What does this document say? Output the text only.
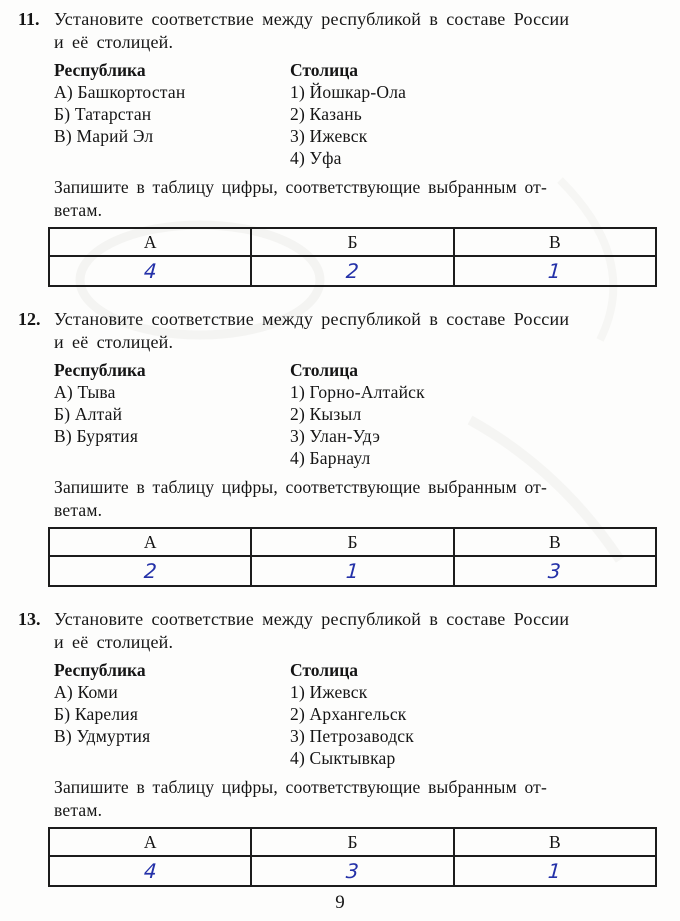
11. Установите соответствие между республикой в составе России
и её столицей.
Республика
А) Башкортостан
Б) Татарстан
В) Марий Эл
Столица
1) Йошкар-Ола
2) Казань
3) Ижевск
4) Уфа

Запишите в таблицу цифры, соответствующие выбранным от-
ветам.

А	Б	В
4	2	1
12. Установите соответствие между республикой в составе России
и её столицей.
Республика
А) Тыва
Б) Алтай
В) Бурятия
Столица
1) Горно-Алтайск
2) Кызыл
3) Улан-Удэ
4) Барнаул

Запишите в таблицу цифры, соответствующие выбранным от-
ветам.

А	Б	В
2	1	3
13. Установите соответствие между республикой в составе России
и её столицей.
Республика
А) Коми
Б) Карелия
В) Удмуртия
Столица
1) Ижевск
2) Архангельск
3) Петрозаводск
4) Сыктывкар

Запишите в таблицу цифры, соответствующие выбранным от-
ветам.

А	Б	В
4	3	1
9
